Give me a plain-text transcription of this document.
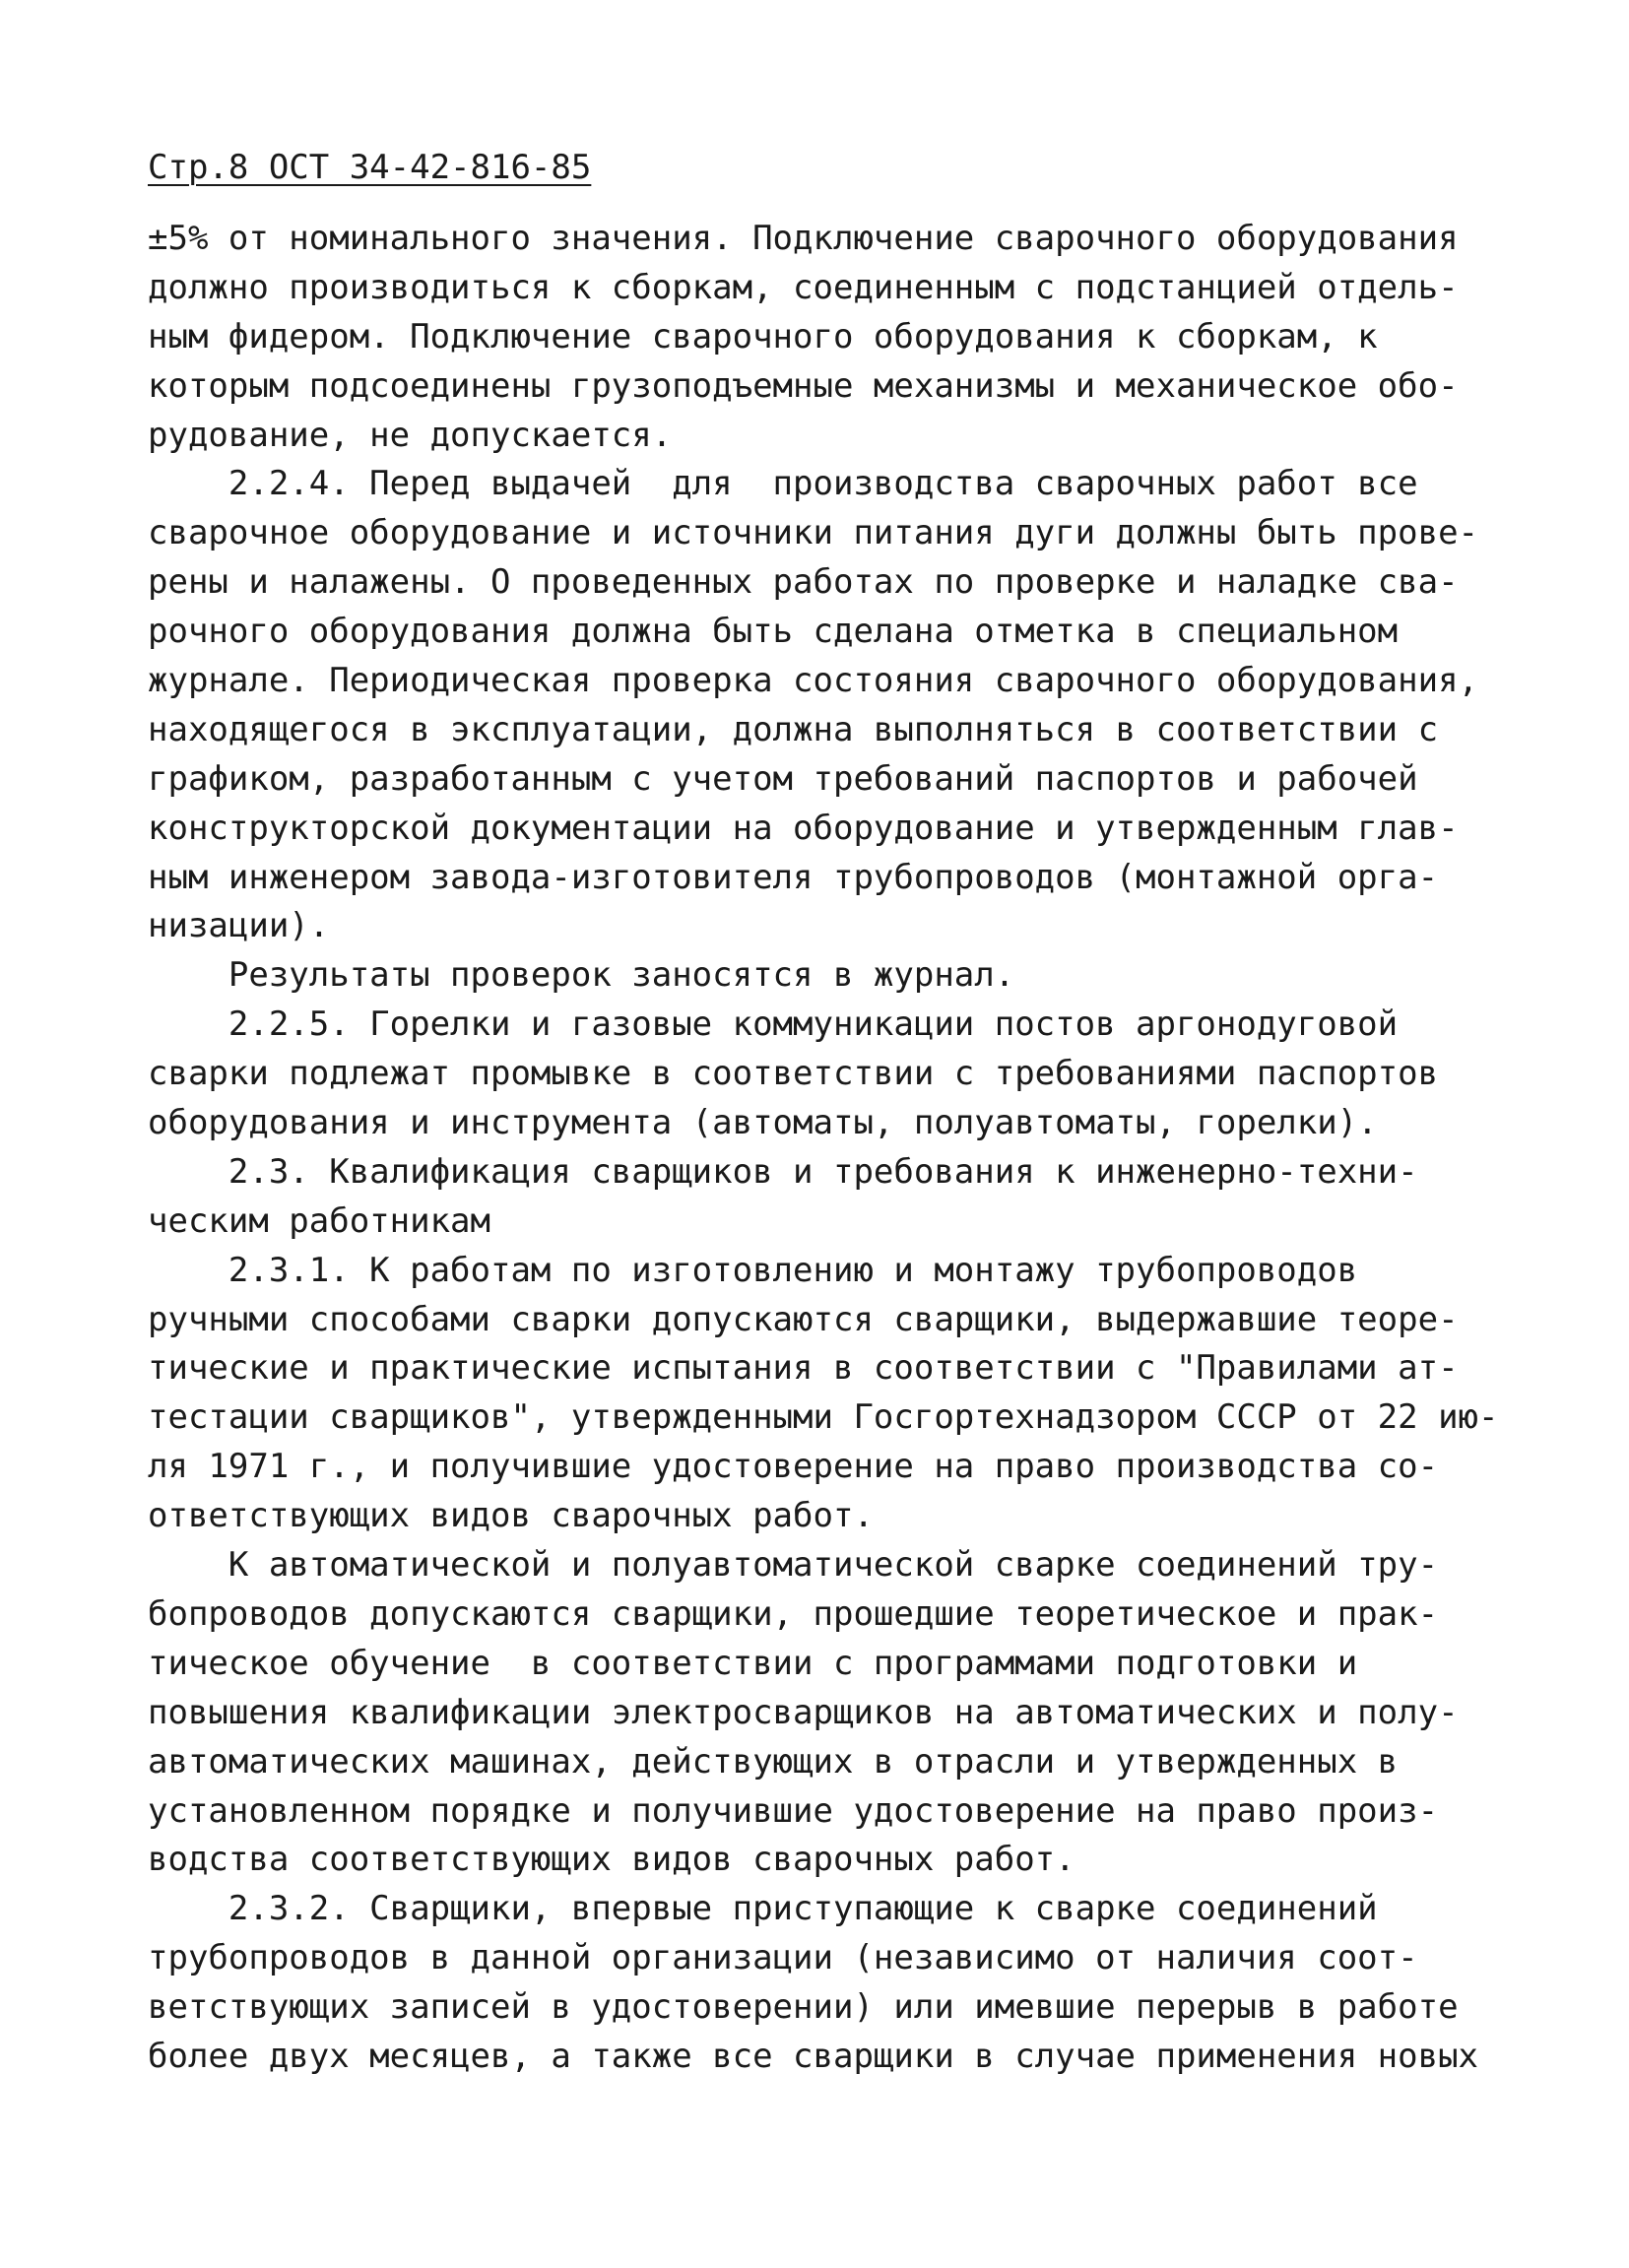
Стр.8 ОСТ 34-42-816-85
±5% от номинального значения. Подключение сварочного оборудования
должно производиться к сборкам, соединенным с подстанцией отдель-
ным фидером. Подключение сварочного оборудования к сборкам, к
которым подсоединены грузоподъемные механизмы и механическое обо-
рудование, не допускается.
2.2.4. Перед выдачей  для  производства сварочных работ все
сварочное оборудование и источники питания дуги должны быть прове-
рены и налажены. О проведенных работах по проверке и наладке сва-
рочного оборудования должна быть сделана отметка в специальном
журнале. Периодическая проверка состояния сварочного оборудования,
находящегося в эксплуатации, должна выполняться в соответствии с
графиком, разработанным с учетом требований паспортов и рабочей
конструкторской документации на оборудование и утвержденным глав-
ным инженером завода-изготовителя трубопроводов (монтажной орга-
низации).
Результаты проверок заносятся в журнал.
2.2.5. Горелки и газовые коммуникации постов аргонодуговой
сварки подлежат промывке в соответствии с требованиями паспортов
оборудования и инструмента (автоматы, полуавтоматы, горелки).
2.3. Квалификация сварщиков и требования к инженерно-техни-
ческим работникам
2.3.1. К работам по изготовлению и монтажу трубопроводов
ручными способами сварки допускаются сварщики, выдержавшие теоре-
тические и практические испытания в соответствии с "Правилами ат-
тестации сварщиков", утвержденными Госгортехнадзором СССР от 22 ию-
ля 1971 г., и получившие удостоверение на право производства со-
ответствующих видов сварочных работ.
К автоматической и полуавтоматической сварке соединений тру-
бопроводов допускаются сварщики, прошедшие теоретическое и прак-
тическое обучение  в соответствии с программами подготовки и
повышения квалификации электросварщиков на автоматических и полу-
автоматических машинах, действующих в отрасли и утвержденных в
установленном порядке и получившие удостоверение на право произ-
водства соответствующих видов сварочных работ.
2.3.2. Сварщики, впервые приступающие к сварке соединений
трубопроводов в данной организации (независимо от наличия соот-
ветствующих записей в удостоверении) или имевшие перерыв в работе
более двух месяцев, а также все сварщики в случае применения новых
